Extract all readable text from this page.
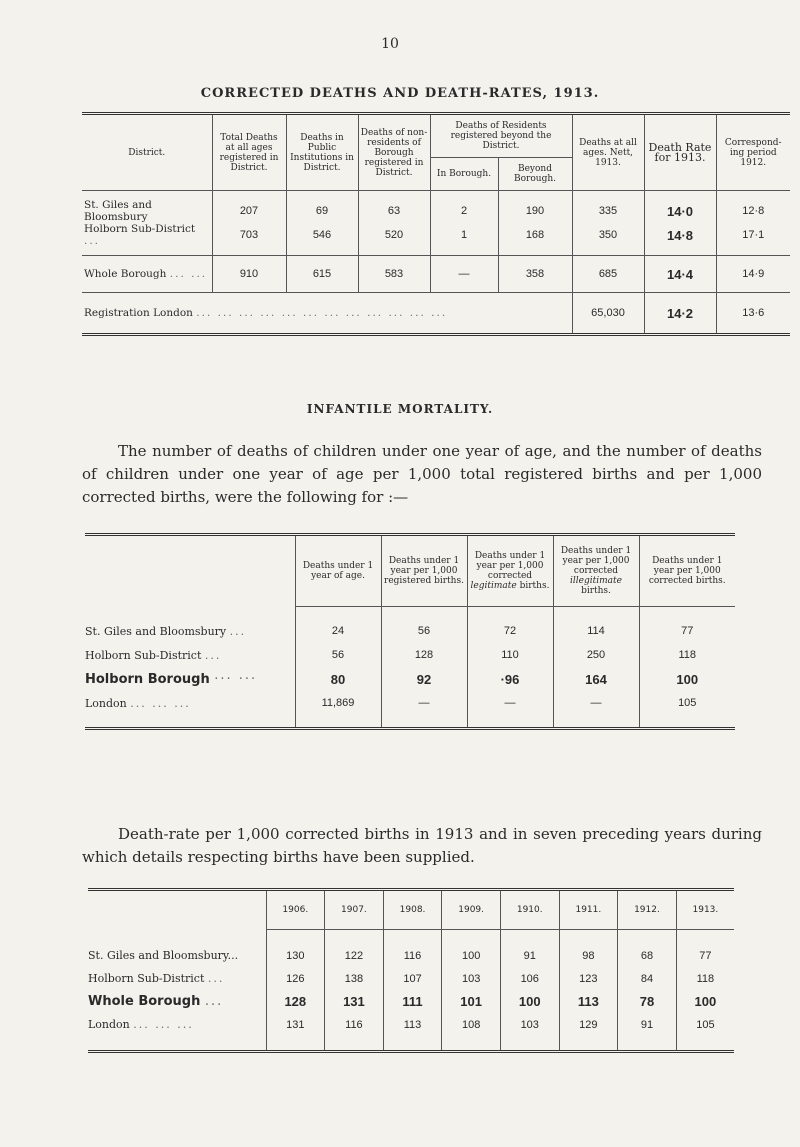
10
CORRECTED DEATHS AND DEATH-RATES, 1913.
District.	Total Deaths at all ages registered in District.	Deaths in Public Institutions in District.	Deaths of non-residents of Borough registered in District.	Deaths of Residents registered beyond the District.		Deaths at all ages. Nett, 1913.	Death Rate for 1913.	Correspond-ing period 1912.
				In Borough.	Beyond Borough.			

St. Giles and Bloomsbury	207	69	63	2	190	335	14·0	12·8
Holborn Sub-District ...	703	546	520	1	168	350	14·8	17·1

Whole Borough ... ...	910	615	583	—	358	685	14·4	14·9
Registration London ... ... ... ... ... ... ... ... ... ... ... ...						65,030	14·2	13·6
INFANTILE MORTALITY.
The number of deaths of children under one year of age, and the number of deaths of children under one year of age per 1,000 total registered births and per 1,000 corrected births, were the following for :—
	Deaths under 1 year of age.	Deaths under 1 year per 1,000 registered births.	Deaths under 1 year per 1,000 corrected legitimate births.	Deaths under 1 year per 1,000 corrected illegitimate births.	Deaths under 1 year per 1,000 corrected births.

St. Giles and Bloomsbury ...	24	56	72	114	77
Holborn Sub-District ...	56	128	110	250	118
Holborn Borough ··· ···	80	92	·96	164	100
London ... ... ...	11,869	—	—	—	105

Death-rate per 1,000 corrected births in 1913 and in seven preceding years during which details respecting births have been supplied.
	1906.	1907.	1908.	1909.	1910.	1911.	1912.	1913.

St. Giles and Bloomsbury...	130	122	116	100	91	98	68	77
Holborn Sub-District ...	126	138	107	103	106	123	84	118
Whole Borough ...	128	131	111	101	100	113	78	100
London ... ... ...	131	116	113	108	103	129	91	105
